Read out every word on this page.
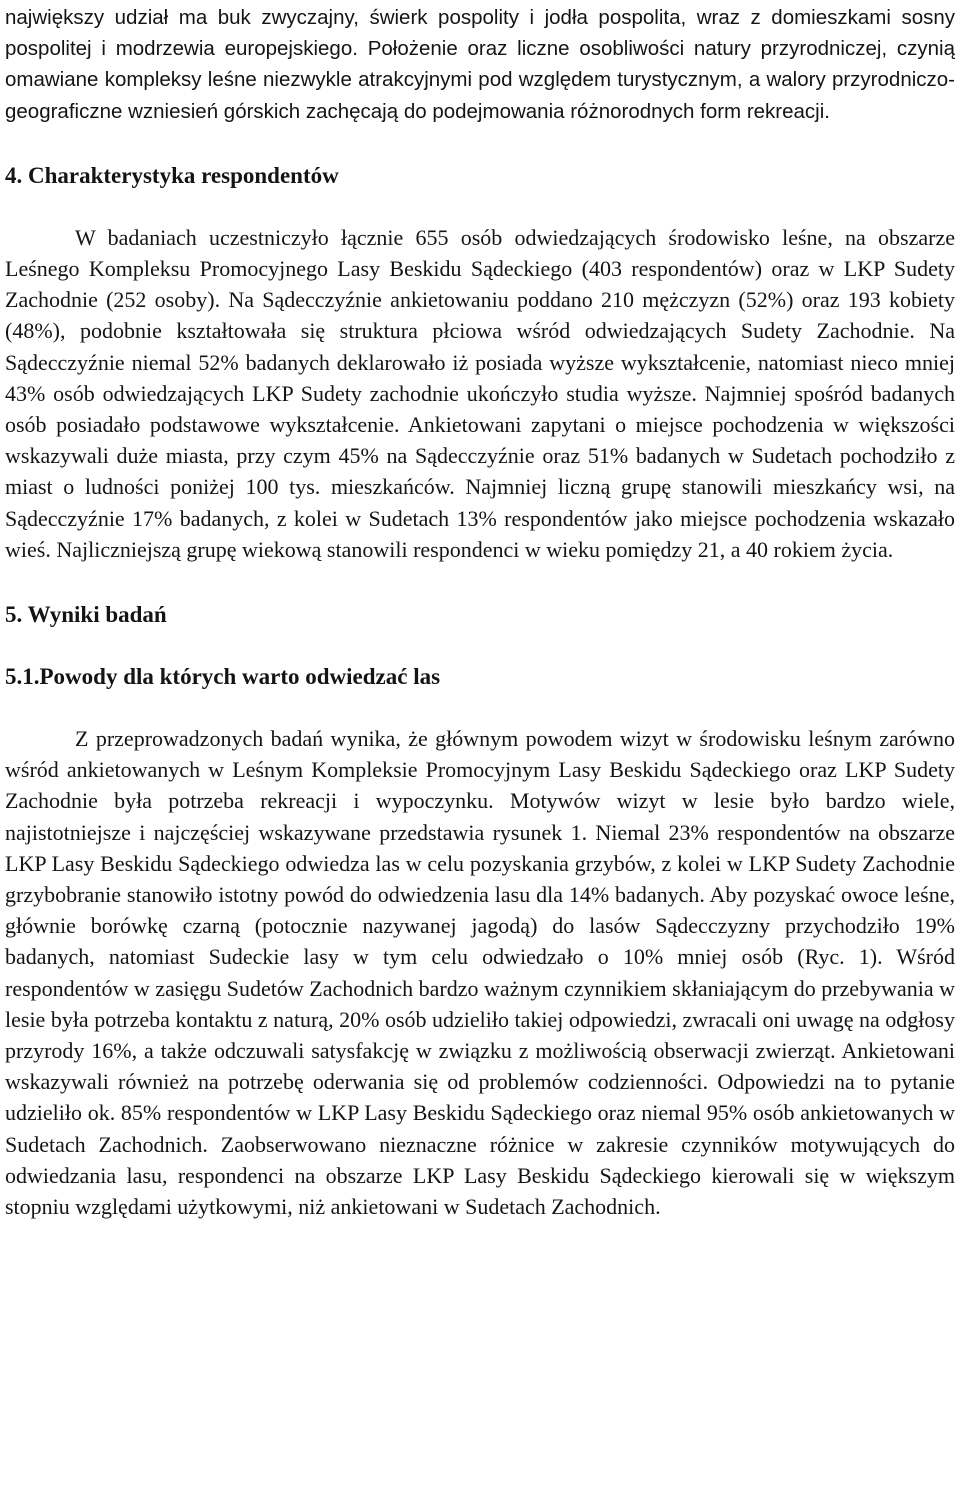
największy udział ma buk zwyczajny, świerk pospolity i jodła pospolita, wraz z domieszkami sosny pospolitej i modrzewia europejskiego. Położenie oraz liczne osobliwości natury przyrodniczej, czynią omawiane kompleksy leśne niezwykle atrakcyjnymi pod względem turystycznym, a walory przyrodniczo-geograficzne wzniesień górskich zachęcają do podejmowania różnorodnych form rekreacji.

4. Charakterystyka respondentów

W badaniach uczestniczyło łącznie 655 osób odwiedzających środowisko leśne, na obszarze Leśnego Kompleksu Promocyjnego Lasy Beskidu Sądeckiego (403 respondentów) oraz w LKP Sudety Zachodnie (252 osoby). Na Sądecczyźnie ankietowaniu poddano 210 mężczyzn (52%) oraz 193 kobiety (48%), podobnie kształtowała się struktura płciowa wśród odwiedzających Sudety Zachodnie. Na Sądecczyźnie niemal 52% badanych deklarowało iż posiada wyższe wykształcenie, natomiast nieco mniej 43% osób odwiedzających LKP Sudety zachodnie ukończyło studia wyższe. Najmniej spośród badanych osób posiadało podstawowe wykształcenie. Ankietowani zapytani o miejsce pochodzenia w większości wskazywali duże miasta, przy czym 45% na Sądecczyźnie oraz 51% badanych w Sudetach pochodziło z miast o ludności poniżej 100 tys. mieszkańców. Najmniej liczną grupę stanowili mieszkańcy wsi, na Sądecczyźnie 17% badanych, z kolei w Sudetach 13% respondentów jako miejsce pochodzenia wskazało wieś. Najliczniejszą grupę wiekową stanowili respondenci w wieku pomiędzy 21, a 40 rokiem życia.

5. Wyniki badań
5.1.Powody dla których warto odwiedzać las

Z przeprowadzonych badań wynika, że głównym powodem wizyt w środowisku leśnym zarówno wśród ankietowanych w Leśnym Kompleksie Promocyjnym Lasy Beskidu Sądeckiego oraz LKP Sudety Zachodnie była potrzeba rekreacji i wypoczynku. Motywów wizyt w lesie było bardzo wiele, najistotniejsze i najczęściej wskazywane przedstawia rysunek 1. Niemal 23% respondentów na obszarze LKP Lasy Beskidu Sądeckiego odwiedza las w celu pozyskania grzybów, z kolei w LKP Sudety Zachodnie grzybobranie stanowiło istotny powód do odwiedzenia lasu dla 14% badanych. Aby pozyskać owoce leśne, głównie borówkę czarną (potocznie nazywanej jagodą) do lasów Sądecczyzny przychodziło 19% badanych, natomiast Sudeckie lasy w tym celu odwiedzało o 10% mniej osób (Ryc. 1). Wśród respondentów w zasięgu Sudetów Zachodnich bardzo ważnym czynnikiem skłaniającym do przebywania w lesie była potrzeba kontaktu z naturą, 20% osób udzieliło takiej odpowiedzi, zwracali oni uwagę na odgłosy przyrody 16%, a także odczuwali satysfakcję w związku z możliwością obserwacji zwierząt. Ankietowani wskazywali również na potrzebę oderwania się od problemów codzienności. Odpowiedzi na to pytanie udzieliło ok. 85% respondentów w LKP Lasy Beskidu Sądeckiego oraz niemal 95% osób ankietowanych w Sudetach Zachodnich. Zaobserwowano nieznaczne różnice w zakresie czynników motywujących do odwiedzania lasu, respondenci na obszarze LKP Lasy Beskidu Sądeckiego kierowali się w większym stopniu względami użytkowymi, niż ankietowani w Sudetach Zachodnich.
